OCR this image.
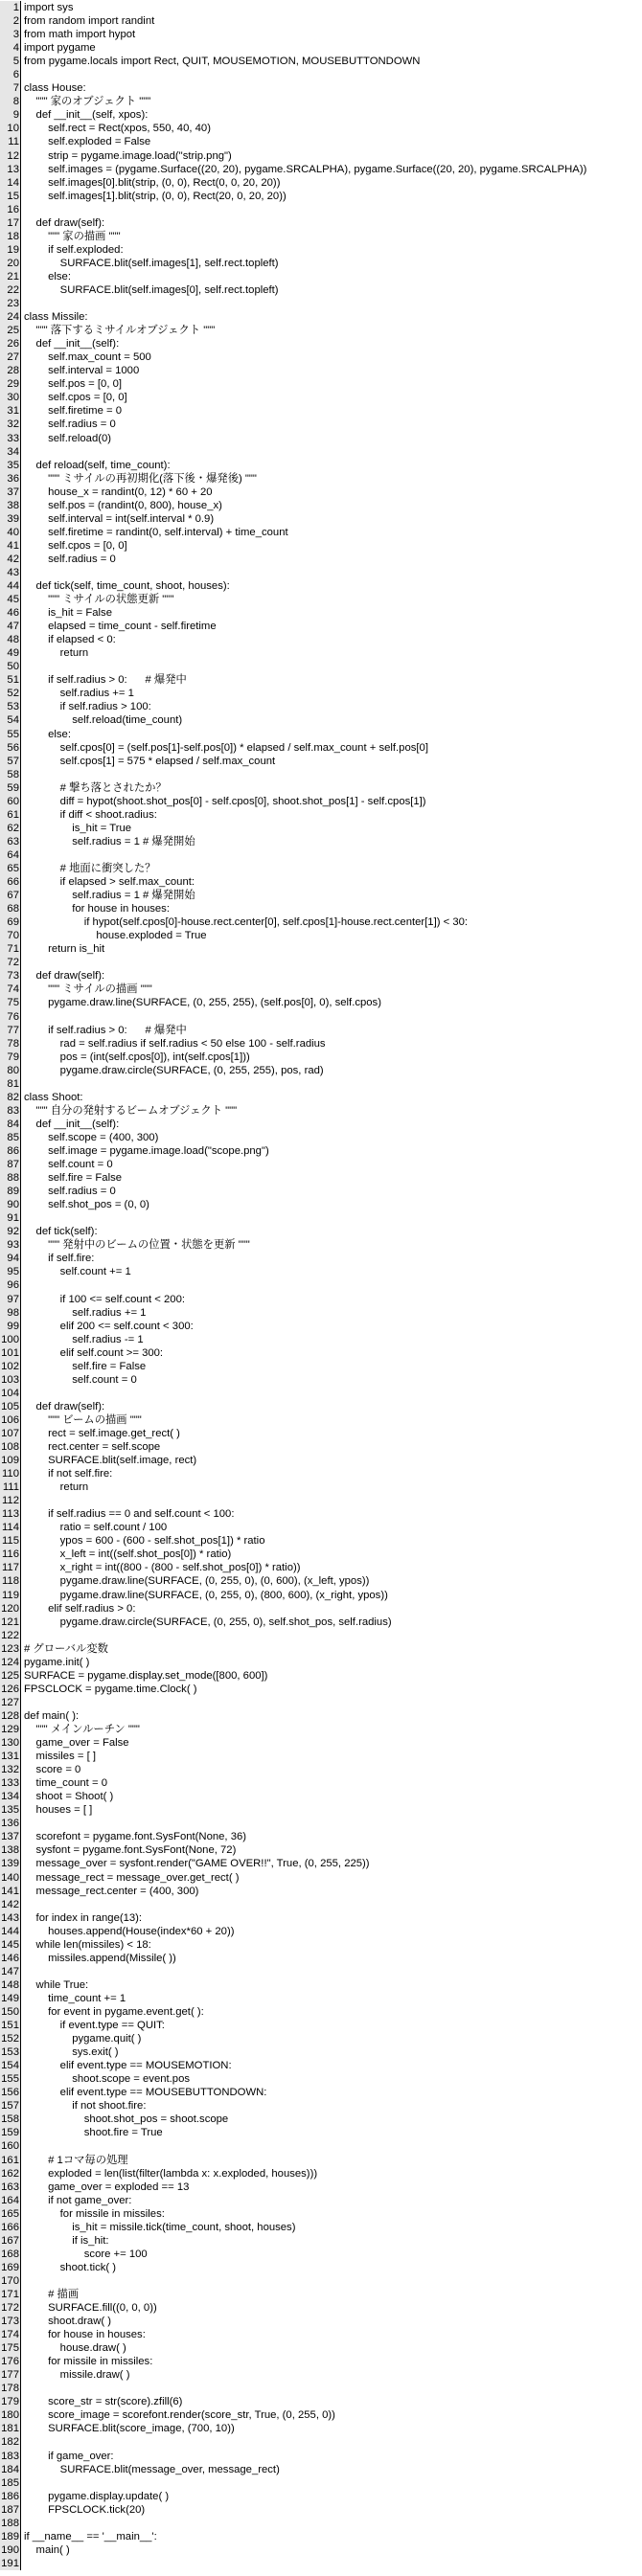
1 import sys
2 from random import randint
3 from math import hypot
4 import pygame
5 from pygame.locals import Rect, QUIT, MOUSEMOTION, MOUSEBUTTONDOWN
6
7 class House:
8 """ 家のオブジェクト """
9 def __init__(self, xpos):
10 self.rect = Rect(xpos, 550, 40, 40)
11 self.exploded = False
12 strip = pygame.image.load("strip.png")
13 self.images = (pygame.Surface((20, 20), pygame.SRCALPHA), pygame.Surface((20, 20), pygame.SRCALPHA))
14 self.images[0].blit(strip, (0, 0), Rect(0, 0, 20, 20))
15 self.images[1].blit(strip, (0, 0), Rect(20, 0, 20, 20))
16
17 def draw(self):
18 """ 家の描画 """
19 if self.exploded:
20 SURFACE.blit(self.images[1], self.rect.topleft)
21 else:
22 SURFACE.blit(self.images[0], self.rect.topleft)
23
24 class Missile:
25 """ 落下するミサイルオブジェクト """
26 def __init__(self):
27 self.max_count = 500
28 self.interval = 1000
29 self.pos = [0, 0]
30 self.cpos = [0, 0]
31 self.firetime = 0
32 self.radius = 0
33 self.reload(0)
34
35 def reload(self, time_count):
36 """ ミサイルの再初期化(落下後・爆発後) """
37 house_x = randint(0, 12) * 60 + 20
38 self.pos = (randint(0, 800), house_x)
39 self.interval = int(self.interval * 0.9)
40 self.firetime = randint(0, self.interval) + time_count
41 self.cpos = [0, 0]
42 self.radius = 0
43
44 def tick(self, time_count, shoot, houses):
45 """ ミサイルの状態更新 """
46 is_hit = False
47 elapsed = time_count - self.firetime
48 if elapsed < 0:
49 return
50
51 if self.radius > 0:      # 爆発中
52 self.radius += 1
53 if self.radius > 100:
54 self.reload(time_count)
55 else:
56 self.cpos[0] = (self.pos[1]-self.pos[0]) * elapsed / self.max_count + self.pos[0]
57 self.cpos[1] = 575 * elapsed / self.max_count
58
59 # 撃ち落とされたか？
60 diff = hypot(shoot.shot_pos[0] - self.cpos[0], shoot.shot_pos[1] - self.cpos[1])
61 if diff < shoot.radius:
62 is_hit = True
63 self.radius = 1 # 爆発開始
64
65 # 地面に衝突した？
66 if elapsed > self.max_count:
67 self.radius = 1 # 爆発開始
68 for house in houses:
69 if hypot(self.cpos[0]-house.rect.center[0], self.cpos[1]-house.rect.center[1]) < 30:
70 house.exploded = True
71 return is_hit
72
73 def draw(self):
74 """ ミサイルの描画 """
75 pygame.draw.line(SURFACE, (0, 255, 255), (self.pos[0], 0), self.cpos)
76
77 if self.radius > 0:      # 爆発中
78 rad = self.radius if self.radius < 50 else 100 - self.radius
79 pos = (int(self.cpos[0]), int(self.cpos[1]))
80 pygame.draw.circle(SURFACE, (0, 255, 255), pos, rad)
81
82 class Shoot:
83 """ 自分の発射するビームオブジェクト """
84 def __init__(self):
85 self.scope = (400, 300)
86 self.image = pygame.image.load("scope.png")
87 self.count = 0
88 self.fire = False
89 self.radius = 0
90 self.shot_pos = (0, 0)
91
92 def tick(self):
93 """ 発射中のビームの位置・状態を更新 """
94 if self.fire:
95 self.count += 1
96
97 if 100 <= self.count < 200:
98 self.radius += 1
99 elif 200 <= self.count < 300:
100 self.radius -= 1
101 elif self.count >= 300:
102 self.fire = False
103 self.count = 0
104
105 def draw(self):
106 """ ビームの描画 """
107 rect = self.image.get_rect( )
108 rect.center = self.scope
109 SURFACE.blit(self.image, rect)
110 if not self.fire:
111 return
112
113 if self.radius == 0 and self.count < 100:
114 ratio = self.count / 100
115 ypos = 600 - (600 - self.shot_pos[1]) * ratio
116 x_left = int((self.shot_pos[0]) * ratio)
117 x_right = int((800 - (800 - self.shot_pos[0]) * ratio))
118 pygame.draw.line(SURFACE, (0, 255, 0), (0, 600), (x_left, ypos))
119 pygame.draw.line(SURFACE, (0, 255, 0), (800, 600), (x_right, ypos))
120 elif self.radius > 0:
121 pygame.draw.circle(SURFACE, (0, 255, 0), self.shot_pos, self.radius)
122
123 # グローバル変数
124 pygame.init( )
125 SURFACE = pygame.display.set_mode([800, 600])
126 FPSCLOCK = pygame.time.Clock( )
127
128 def main( ):
129 """ メインルーチン """
130 game_over = False
131 missiles = [ ]
132 score = 0
133 time_count = 0
134 shoot = Shoot( )
135 houses = [ ]
136
137 scorefont = pygame.font.SysFont(None, 36)
138 sysfont = pygame.font.SysFont(None, 72)
139 message_over = sysfont.render("GAME OVER!!", True, (0, 255, 225))
140 message_rect = message_over.get_rect( )
141 message_rect.center = (400, 300)
142
143 for index in range(13):
144 houses.append(House(index*60 + 20))
145 while len(missiles) < 18:
146 missiles.append(Missile( ))
147
148 while True:
149 time_count += 1
150 for event in pygame.event.get( ):
151 if event.type == QUIT:
152 pygame.quit( )
153 sys.exit( )
154 elif event.type == MOUSEMOTION:
155 shoot.scope = event.pos
156 elif event.type == MOUSEBUTTONDOWN:
157 if not shoot.fire:
158 shoot.shot_pos = shoot.scope
159 shoot.fire = True
160
161 # 1コマ毎の処理
162 exploded = len(list(filter(lambda x: x.exploded, houses)))
163 game_over = exploded == 13
164 if not game_over:
165 for missile in missiles:
166 is_hit = missile.tick(time_count, shoot, houses)
167 if is_hit:
168 score += 100
169 shoot.tick( )
170
171 # 描画
172 SURFACE.fill((0, 0, 0))
173 shoot.draw( )
174 for house in houses:
175 house.draw( )
176 for missile in missiles:
177 missile.draw( )
178
179 score_str = str(score).zfill(6)
180 score_image = scorefont.render(score_str, True, (0, 255, 0))
181 SURFACE.blit(score_image, (700, 10))
182
183 if game_over:
184 SURFACE.blit(message_over, message_rect)
185
186 pygame.display.update( )
187 FPSCLOCK.tick(20)
188
189 if __name__ == '__main__':
190 main( )
191
